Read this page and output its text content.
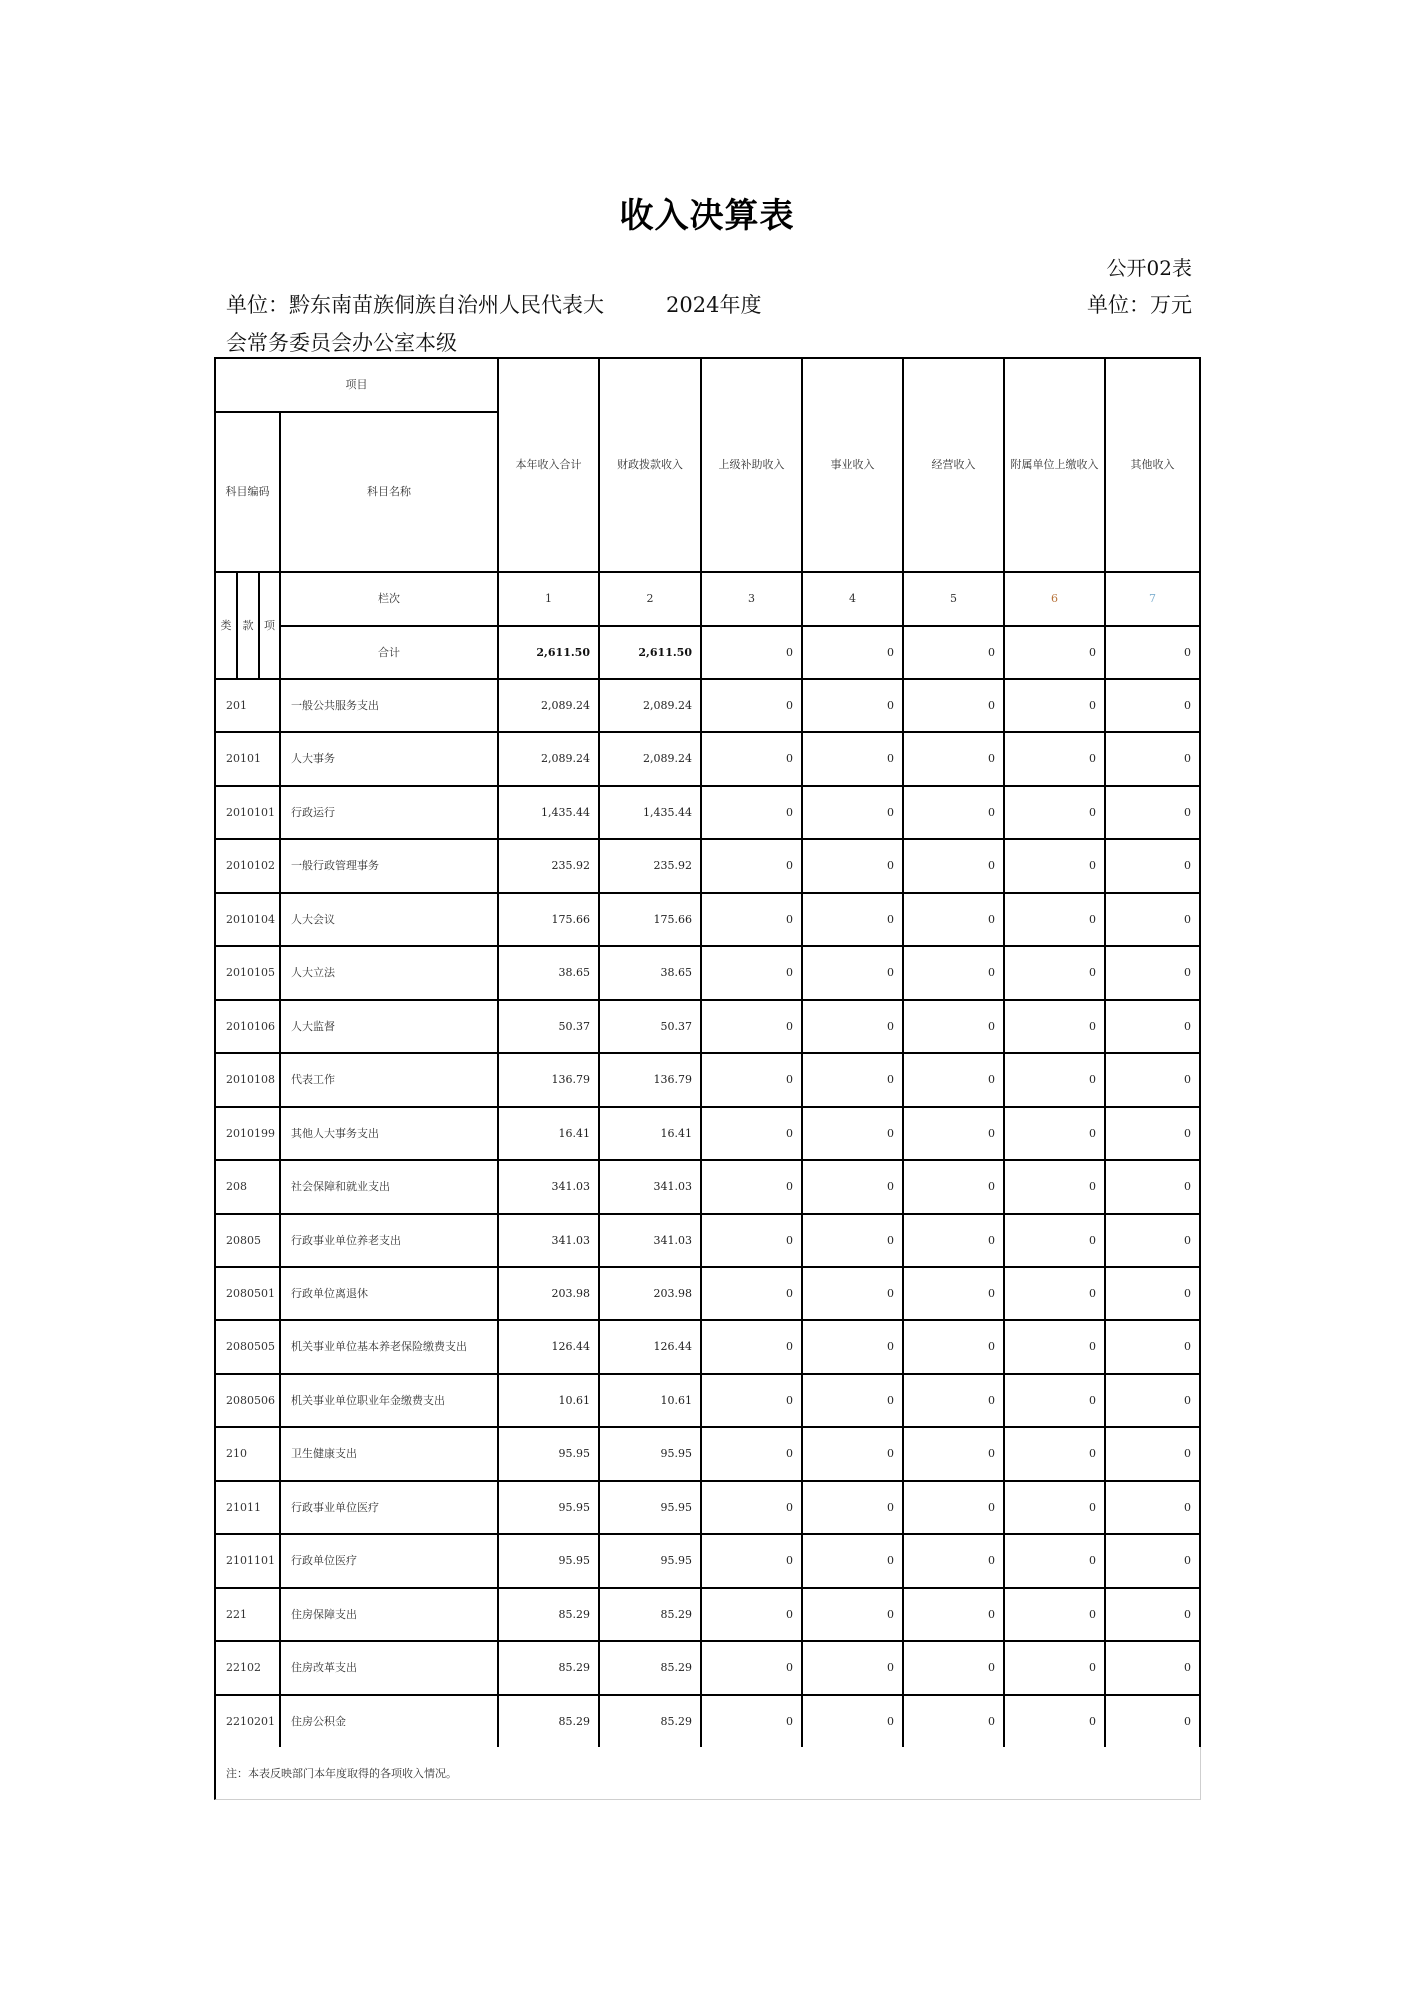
收入决算表
公开02表
单位：黔东南苗族侗族自治州人民代表大会常务委员会办公室本级
2024年度	单位：万元
项目
科目编码	科目名称
本年收入合计	财政拨款收入	上级补助收入	事业收入	经营收入	附属单位上缴收入	其他收入
类	款 项
栏次	1	2	3	4	5	6	7
合计	2,611.50	2,611.50	0	0	0	0	0
201	一般公共服务支出	2,089.24	2,089.24	0	0	0	0	0
20101	人大事务	2,089.24	2,089.24	0	0	0	0	0
2010101	行政运行	1,435.44	1,435.44	0	0	0	0	0
2010102	一般行政管理事务	235.92	235.92	0	0	0	0	0
2010104	人大会议	175.66	175.66	0	0	0	0	0
2010105	人大立法	38.65	38.65	0	0	0	0	0
2010106	人大监督	50.37	50.37	0	0	0	0	0
2010108	代表工作	136.79	136.79	0	0	0	0	0
2010199	其他人大事务支出	16.41	16.41	0	0	0	0	0
208	社会保障和就业支出	341.03	341.03	0	0	0	0	0
20805	行政事业单位养老支出	341.03	341.03	0	0	0	0	0
2080501	行政单位离退休	203.98	203.98	0	0	0	0	0
2080505	机关事业单位基本养老保险缴费支出	126.44	126.44	0	0	0	0	0
2080506	机关事业单位职业年金缴费支出	10.61	10.61	0	0	0	0	0
210	卫生健康支出	95.95	95.95	0	0	0	0	0
21011	行政事业单位医疗	95.95	95.95	0	0	0	0	0
2101101	行政单位医疗	95.95	95.95	0	0	0	0	0
221	住房保障支出	85.29	85.29	0	0	0	0	0
22102	住房改革支出	85.29	85.29	0	0	0	0	0
2210201	住房公积金	85.29	85.29	0	0	0	0	0
注：本表反映部门本年度取得的各项收入情况。
